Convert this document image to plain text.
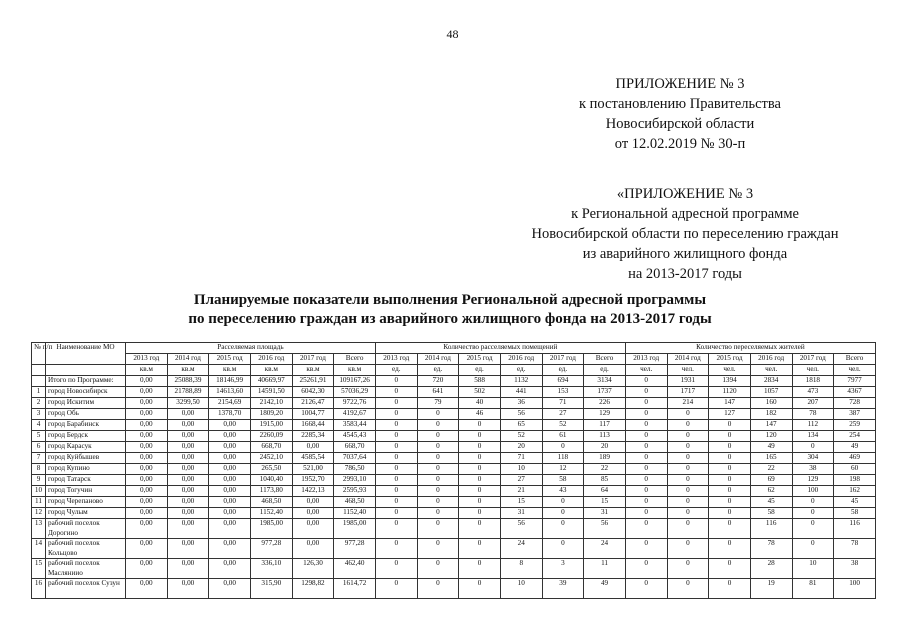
48
ПРИЛОЖЕНИЕ № 3
к постановлению Правительства
Новосибирской области
от 12.02.2019 № 30-п
«ПРИЛОЖЕНИЕ № 3
к Региональной адресной программе
Новосибирской области по переселению граждан
из аварийного жилищного фонда
на 2013-2017 годы
Планируемые показатели выполнения Региональной адресной программы
по переселению граждан из аварийного жилищного фонда на 2013-2017 годы
№ п/п	Наименование МО	Расселяемая площадь						Количество расселяемых помещений						Количество переселяемых жителей					
		2013 год	2014 год	2015 год	2016 год	2017 год	Всего	2013 год	2014 год	2015 год	2016 год	2017 год	Всего	2013 год	2014 год	2015 год	2016 год	2017 год	Всего
		кв.м	кв.м	кв.м	кв.м	кв.м	кв.м	ед.	ед.	ед.	ед.	ед.	ед.	чел.	чел.	чел.	чел.	чел.	чел.
	Итого по Программе:	0,00	25088,39	18146,99	40669,97	25261,91	109167,26	0	720	588	1132	694	3134	0	1931	1394	2834	1818	7977
1	город Новосибирск	0,00	21788,89	14613,60	14591,50	6042,30	57036,29	0	641	502	441	153	1737	0	1717	1120	1057	473	4367
2	город Искитим	0,00	3299,50	2154,69	2142,10	2126,47	9722,76	0	79	40	36	71	226	0	214	147	160	207	728
3	город Обь	0,00	0,00	1378,70	1809,20	1004,77	4192,67	0	0	46	56	27	129	0	0	127	182	78	387
4	город Барабинск	0,00	0,00	0,00	1915,00	1668,44	3583,44	0	0	0	65	52	117	0	0	0	147	112	259
5	город Бердск	0,00	0,00	0,00	2260,09	2285,34	4545,43	0	0	0	52	61	113	0	0	0	120	134	254
6	город Карасук	0,00	0,00	0,00	668,70	0,00	668,70	0	0	0	20	0	20	0	0	0	49	0	49
7	город Куйбышев	0,00	0,00	0,00	2452,10	4585,54	7037,64	0	0	0	71	118	189	0	0	0	165	304	469
8	город Купино	0,00	0,00	0,00	265,50	521,00	786,50	0	0	0	10	12	22	0	0	0	22	38	60
9	город Татарск	0,00	0,00	0,00	1040,40	1952,70	2993,10	0	0	0	27	58	85	0	0	0	69	129	198
10	город Тогучин	0,00	0,00	0,00	1173,80	1422,13	2595,93	0	0	0	21	43	64	0	0	0	62	100	162
11	город Черепаново	0,00	0,00	0,00	468,50	0,00	468,50	0	0	0	15	0	15	0	0	0	45	0	45
12	город Чулым	0,00	0,00	0,00	1152,40	0,00	1152,40	0	0	0	31	0	31	0	0	0	58	0	58
13	рабочий поселок Дорогино	0,00	0,00	0,00	1985,00	0,00	1985,00	0	0	0	56	0	56	0	0	0	116	0	116
14	рабочий поселок Кольцово	0,00	0,00	0,00	977,28	0,00	977,28	0	0	0	24	0	24	0	0	0	78	0	78
15	рабочий поселок Масляниио	0,00	0,00	0,00	336,10	126,30	462,40	0	0	0	8	3	11	0	0	0	28	10	38
16	рабочий поселок Сузун	0,00	0,00	0,00	315,90	1298,82	1614,72	0	0	0	10	39	49	0	0	0	19	81	100
